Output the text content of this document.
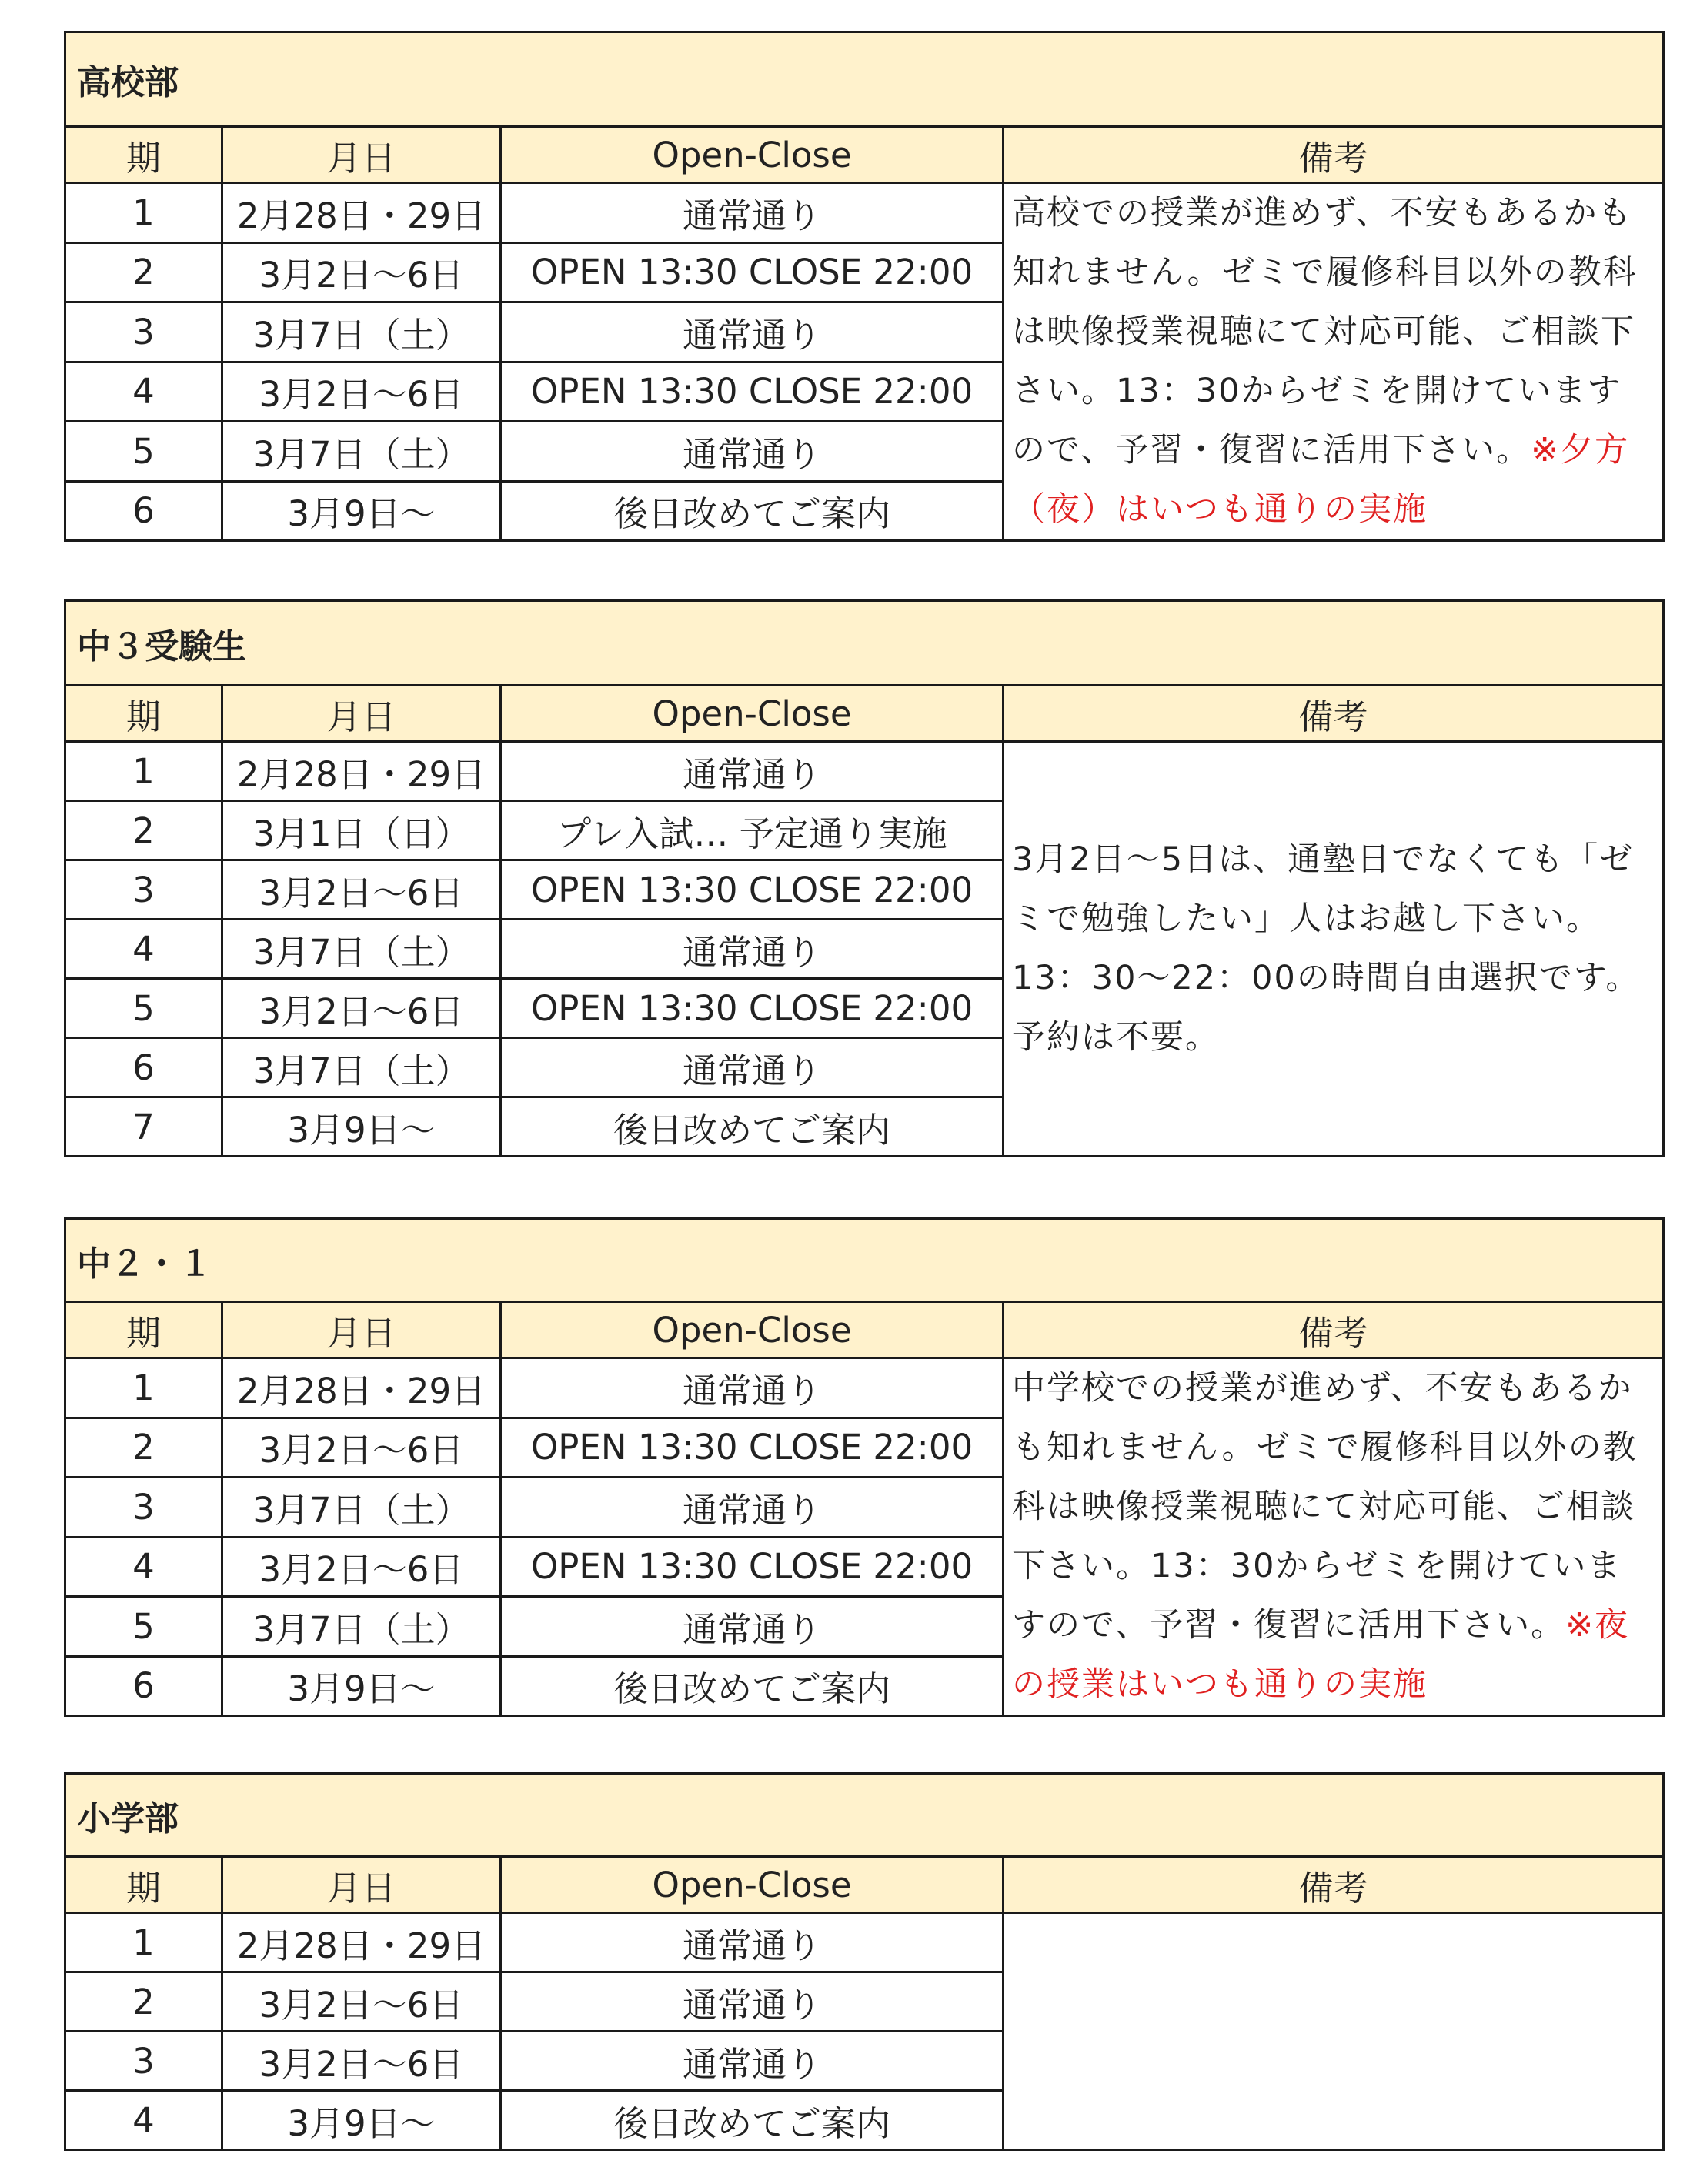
高校部			
期	月日	Open-Close	備考
1	2月28日・29日	通常通り	高校での授業が進めず、不安もあるかも知れません。ゼミで履修科目以外の教科は映像授業視聴にて対応可能、ご相談下さい。13：30からゼミを開けていますので、予習・復習に活用下さい。※夕方（夜）はいつも通りの実施
2	3月2日〜6日	OPEN 13:30 CLOSE 22:00	
3	3月7日（土）	通常通り	
4	3月2日〜6日	OPEN 13:30 CLOSE 22:00	
5	3月7日（土）	通常通り	
6	3月9日〜	後日改めてご案内	
中３受験生			
期	月日	Open-Close	備考
1	2月28日・29日	通常通り	3月2日〜5日は、通塾日でなくても「ゼミで勉強したい」人はお越し下さい。13：30〜22：00の時間自由選択です。予約は不要。
2	3月1日（日）	プレ入試… 予定通り実施	
3	3月2日〜6日	OPEN 13:30 CLOSE 22:00	
4	3月7日（土）	通常通り	
5	3月2日〜6日	OPEN 13:30 CLOSE 22:00	
6	3月7日（土）	通常通り	
7	3月9日〜	後日改めてご案内	
中２・１			
期	月日	Open-Close	備考
1	2月28日・29日	通常通り	中学校での授業が進めず、不安もあるかも知れません。ゼミで履修科目以外の教科は映像授業視聴にて対応可能、ご相談下さい。13：30からゼミを開けていますので、予習・復習に活用下さい。※夜の授業はいつも通りの実施
2	3月2日〜6日	OPEN 13:30 CLOSE 22:00	
3	3月7日（土）	通常通り	
4	3月2日〜6日	OPEN 13:30 CLOSE 22:00	
5	3月7日（土）	通常通り	
6	3月9日〜	後日改めてご案内	
小学部			
期	月日	Open-Close	備考
1	2月28日・29日	通常通り	
2	3月2日〜6日	通常通り	
3	3月2日〜6日	通常通り	
4	3月9日〜	後日改めてご案内	
